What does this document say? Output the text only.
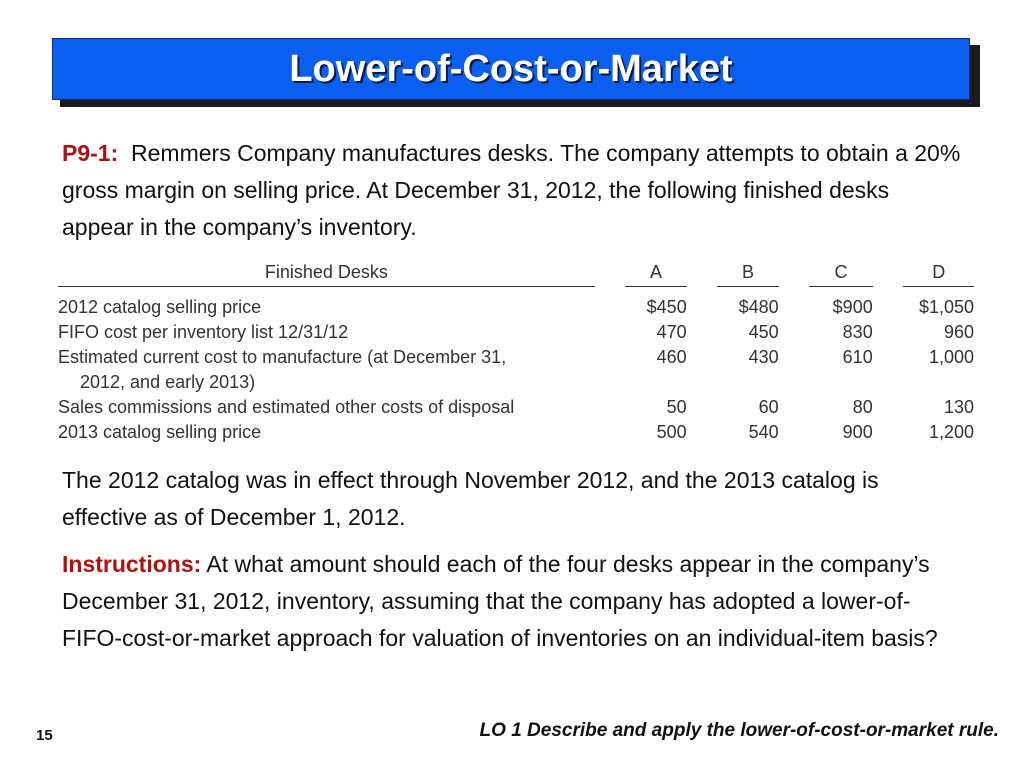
Lower-of-Cost-or-Market

P9-1: Remmers Company manufactures desks. The company attempts to obtain a 20% gross margin on selling price. At December 31, 2012, the following finished desks appear in the company’s inventory.

Finished Desks		A		B		C		D

2012 catalog selling price		$450		$480		$900		$1,050
FIFO cost per inventory list 12/31/12		470		450		830		960
Estimated current cost to manufacture (at December 31,
2012, and early 2013)		460		430		610		1,000
Sales commissions and estimated other costs of disposal		50		60		80		130
2013 catalog selling price		500		540		900		1,200

The 2012 catalog was in effect through November 2012, and the 2013 catalog is effective as of December 1, 2012.

Instructions: At what amount should each of the four desks appear in the company’s December 31, 2012, inventory, assuming that the company has adopted a lower-of-FIFO-cost-or-market approach for valuation of inventories on an individual-item basis?

15	LO 1 Describe and apply the lower-of-cost-or-market rule.
